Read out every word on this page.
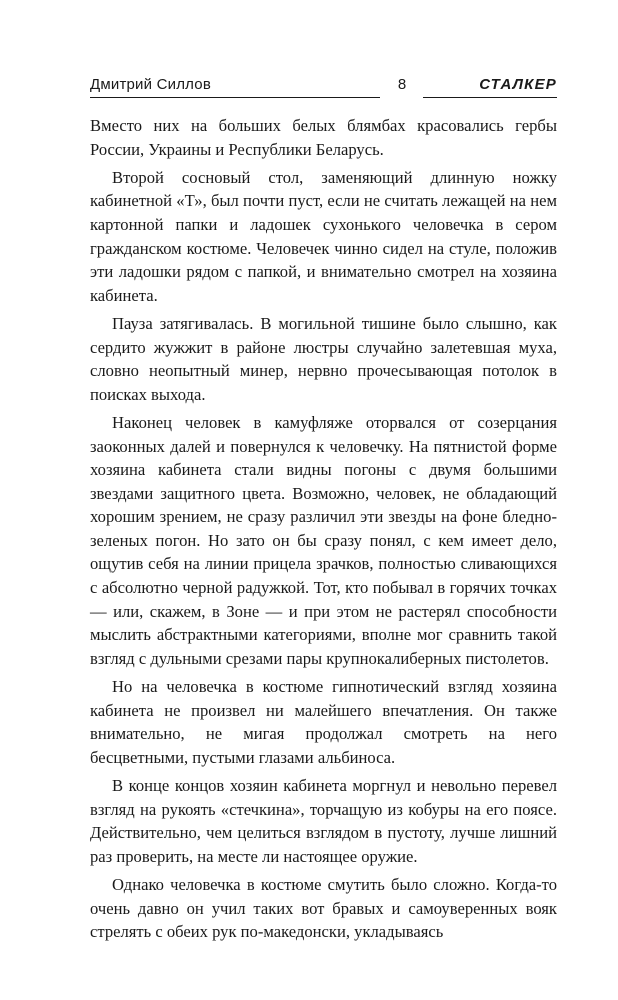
Дмитрий Силлов	8	СТАЛКЕР

Вместо них на больших белых блямбах красовались гербы России, Украины и Республики Беларусь.

Второй сосновый стол, заменяющий длинную ножку кабинетной «Т», был почти пуст, если не считать лежащей на нем картонной папки и ладошек сухонького человечка в сером гражданском костюме. Человечек чинно сидел на стуле, положив эти ладошки рядом с папкой, и внимательно смотрел на хозяина кабинета.

Пауза затягивалась. В могильной тишине было слышно, как сердито жужжит в районе люстры случайно залетевшая муха, словно неопытный минер, нервно прочесывающая потолок в поисках выхода.

Наконец человек в камуфляже оторвался от созерцания заоконных далей и повернулся к человечку. На пятнистой форме хозяина кабинета стали видны погоны с двумя большими звездами защитного цвета. Возможно, человек, не обладающий хорошим зрением, не сразу различил эти звезды на фоне бледно-зеленых погон. Но зато он бы сразу понял, с кем имеет дело, ощутив себя на линии прицела зрачков, полностью сливающихся с абсолютно черной радужкой. Тот, кто побывал в горячих точках — или, скажем, в Зоне — и при этом не растерял способности мыслить абстрактными категориями, вполне мог сравнить такой взгляд с дульными срезами пары крупнокалиберных пистолетов.

Но на человечка в костюме гипнотический взгляд хозяина кабинета не произвел ни малейшего впечатления. Он также внимательно, не мигая продолжал смотреть на него бесцветными, пустыми глазами альбиноса.

В конце концов хозяин кабинета моргнул и невольно перевел взгляд на рукоять «стечкина», торчащую из кобуры на его поясе. Действительно, чем целиться взглядом в пустоту, лучше лишний раз проверить, на месте ли настоящее оружие.

Однако человечка в костюме смутить было сложно. Когда-то очень давно он учил таких вот бравых и самоуверенных вояк стрелять с обеих рук по-македонски, укладываясь
